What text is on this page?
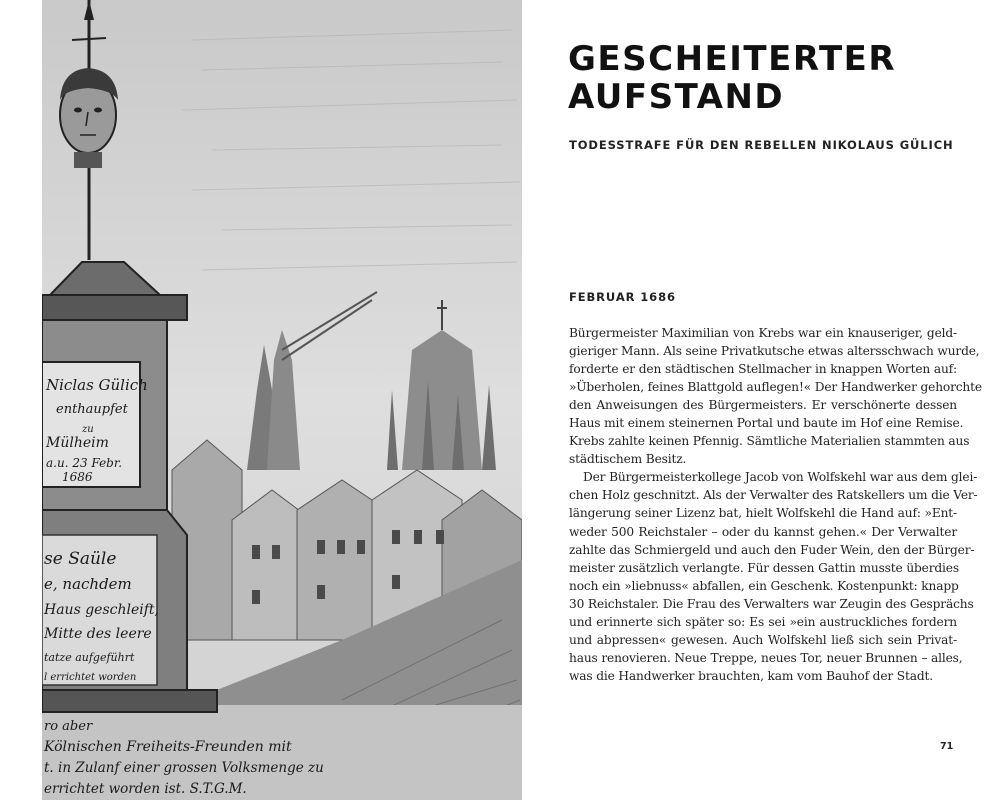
Niclas Gülich
enthaupfet
zu
Mülheim
a.u. 23 Febr.
1686
se Saüle
e, nachdem
Haus geschleift,
Mitte des leere
tatze aufgeführt
l errichtet worden
ro aber
Kölnischen Freiheits-Freunden mit
t. in Zulanf einer grossen Volksmenge zu
errichtet worden ist. S.T.G.M.
GESCHEITERTER
AUFSTAND
TODESSTRAFE FÜR DEN REBELLEN NIKOLAUS GÜLICH
FEBRUAR 1686
Bürgermeister Maximilian von Krebs war ein knauseriger, geld-
gieriger Mann. Als seine Privatkutsche etwas altersschwach wurde,
forderte er den städtischen Stellmacher in knappen Worten auf:
»Überholen, feines Blattgold auflegen!« Der Handwerker gehorchte
den Anweisungen des Bürgermeisters. Er verschönerte dessen
Haus mit einem steinernen Portal und baute im Hof eine Remise.
Krebs zahlte keinen Pfennig. Sämtliche Materialien stammten aus
städtischem Besitz.
Der Bürgermeisterkollege Jacob von Wolfskehl war aus dem glei-
chen Holz geschnitzt. Als der Verwalter des Ratskellers um die Ver-
längerung seiner Lizenz bat, hielt Wolfskehl die Hand auf: »Ent-
weder 500 Reichstaler – oder du kannst gehen.« Der Verwalter
zahlte das Schmiergeld und auch den Fuder Wein, den der Bürger-
meister zusätzlich verlangte. Für dessen Gattin musste überdies
noch ein »liebnuss« abfallen, ein Geschenk. Kostenpunkt: knapp
30 Reichstaler. Die Frau des Verwalters war Zeugin des Gesprächs
und erinnerte sich später so: Es sei »ein austruckliches fordern
und abpressen« gewesen. Auch Wolfskehl ließ sich sein Privat-
haus renovieren. Neue Treppe, neues Tor, neuer Brunnen – alles,
was die Handwerker brauchten, kam vom Bauhof der Stadt.
71
